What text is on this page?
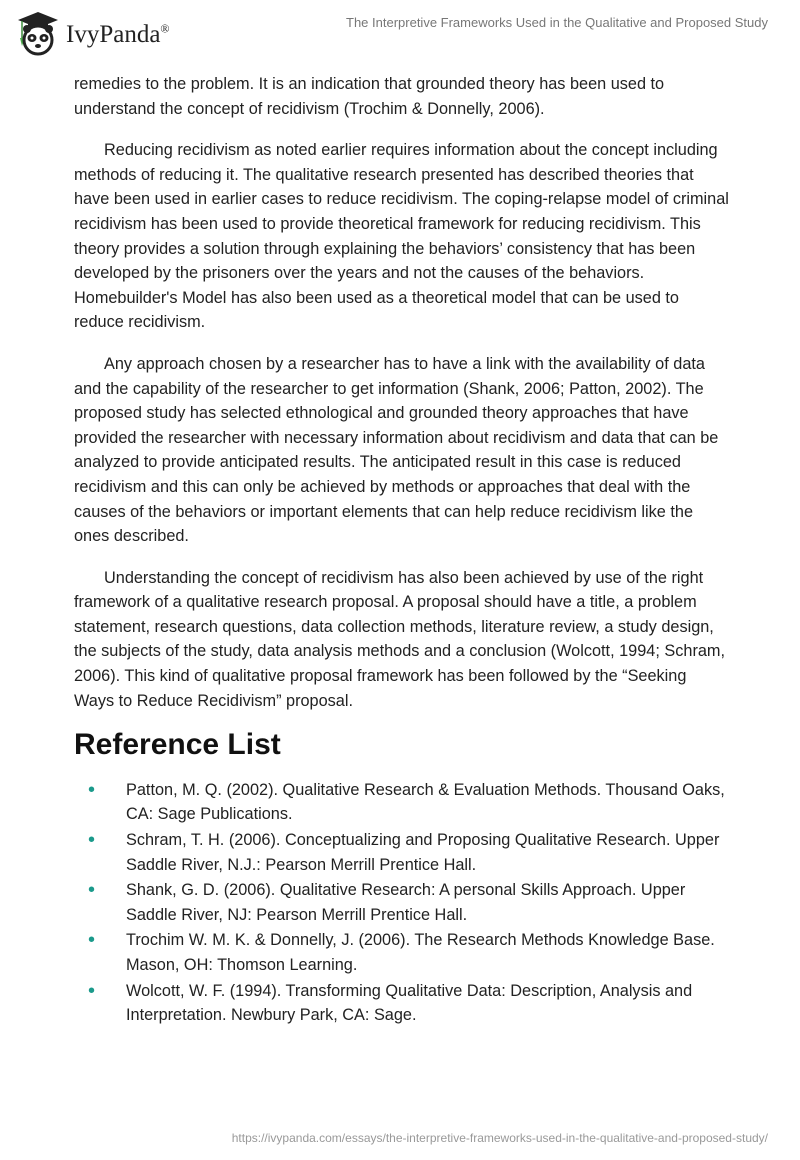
IvyPanda®	The Interpretive Frameworks Used in the Qualitative and Proposed Study

remedies to the problem. It is an indication that grounded theory has been used to understand the concept of recidivism (Trochim & Donnelly, 2006).

Reducing recidivism as noted earlier requires information about the concept including methods of reducing it. The qualitative research presented has described theories that have been used in earlier cases to reduce recidivism. The coping-relapse model of criminal recidivism has been used to provide theoretical framework for reducing recidivism. This theory provides a solution through explaining the behaviors’ consistency that has been developed by the prisoners over the years and not the causes of the behaviors. Homebuilder's Model has also been used as a theoretical model that can be used to reduce recidivism.

Any approach chosen by a researcher has to have a link with the availability of data and the capability of the researcher to get information (Shank, 2006; Patton, 2002). The proposed study has selected ethnological and grounded theory approaches that have provided the researcher with necessary information about recidivism and data that can be analyzed to provide anticipated results. The anticipated result in this case is reduced recidivism and this can only be achieved by methods or approaches that deal with the causes of the behaviors or important elements that can help reduce recidivism like the ones described.

Understanding the concept of recidivism has also been achieved by use of the right framework of a qualitative research proposal. A proposal should have a title, a problem statement, research questions, data collection methods, literature review, a study design, the subjects of the study, data analysis methods and a conclusion (Wolcott, 1994; Schram, 2006). This kind of qualitative proposal framework has been followed by the “Seeking Ways to Reduce Recidivism” proposal.

Reference List
• Patton, M. Q. (2002). Qualitative Research & Evaluation Methods. Thousand Oaks, CA: Sage Publications.
• Schram, T. H. (2006). Conceptualizing and Proposing Qualitative Research. Upper Saddle River, N.J.: Pearson Merrill Prentice Hall.
• Shank, G. D. (2006). Qualitative Research: A personal Skills Approach. Upper Saddle River, NJ: Pearson Merrill Prentice Hall.
• Trochim W. M. K. & Donnelly, J. (2006). The Research Methods Knowledge Base. Mason, OH: Thomson Learning.
• Wolcott, W. F. (1994). Transforming Qualitative Data: Description, Analysis and Interpretation. Newbury Park, CA: Sage.
https://ivypanda.com/essays/the-interpretive-frameworks-used-in-the-qualitative-and-proposed-study/
